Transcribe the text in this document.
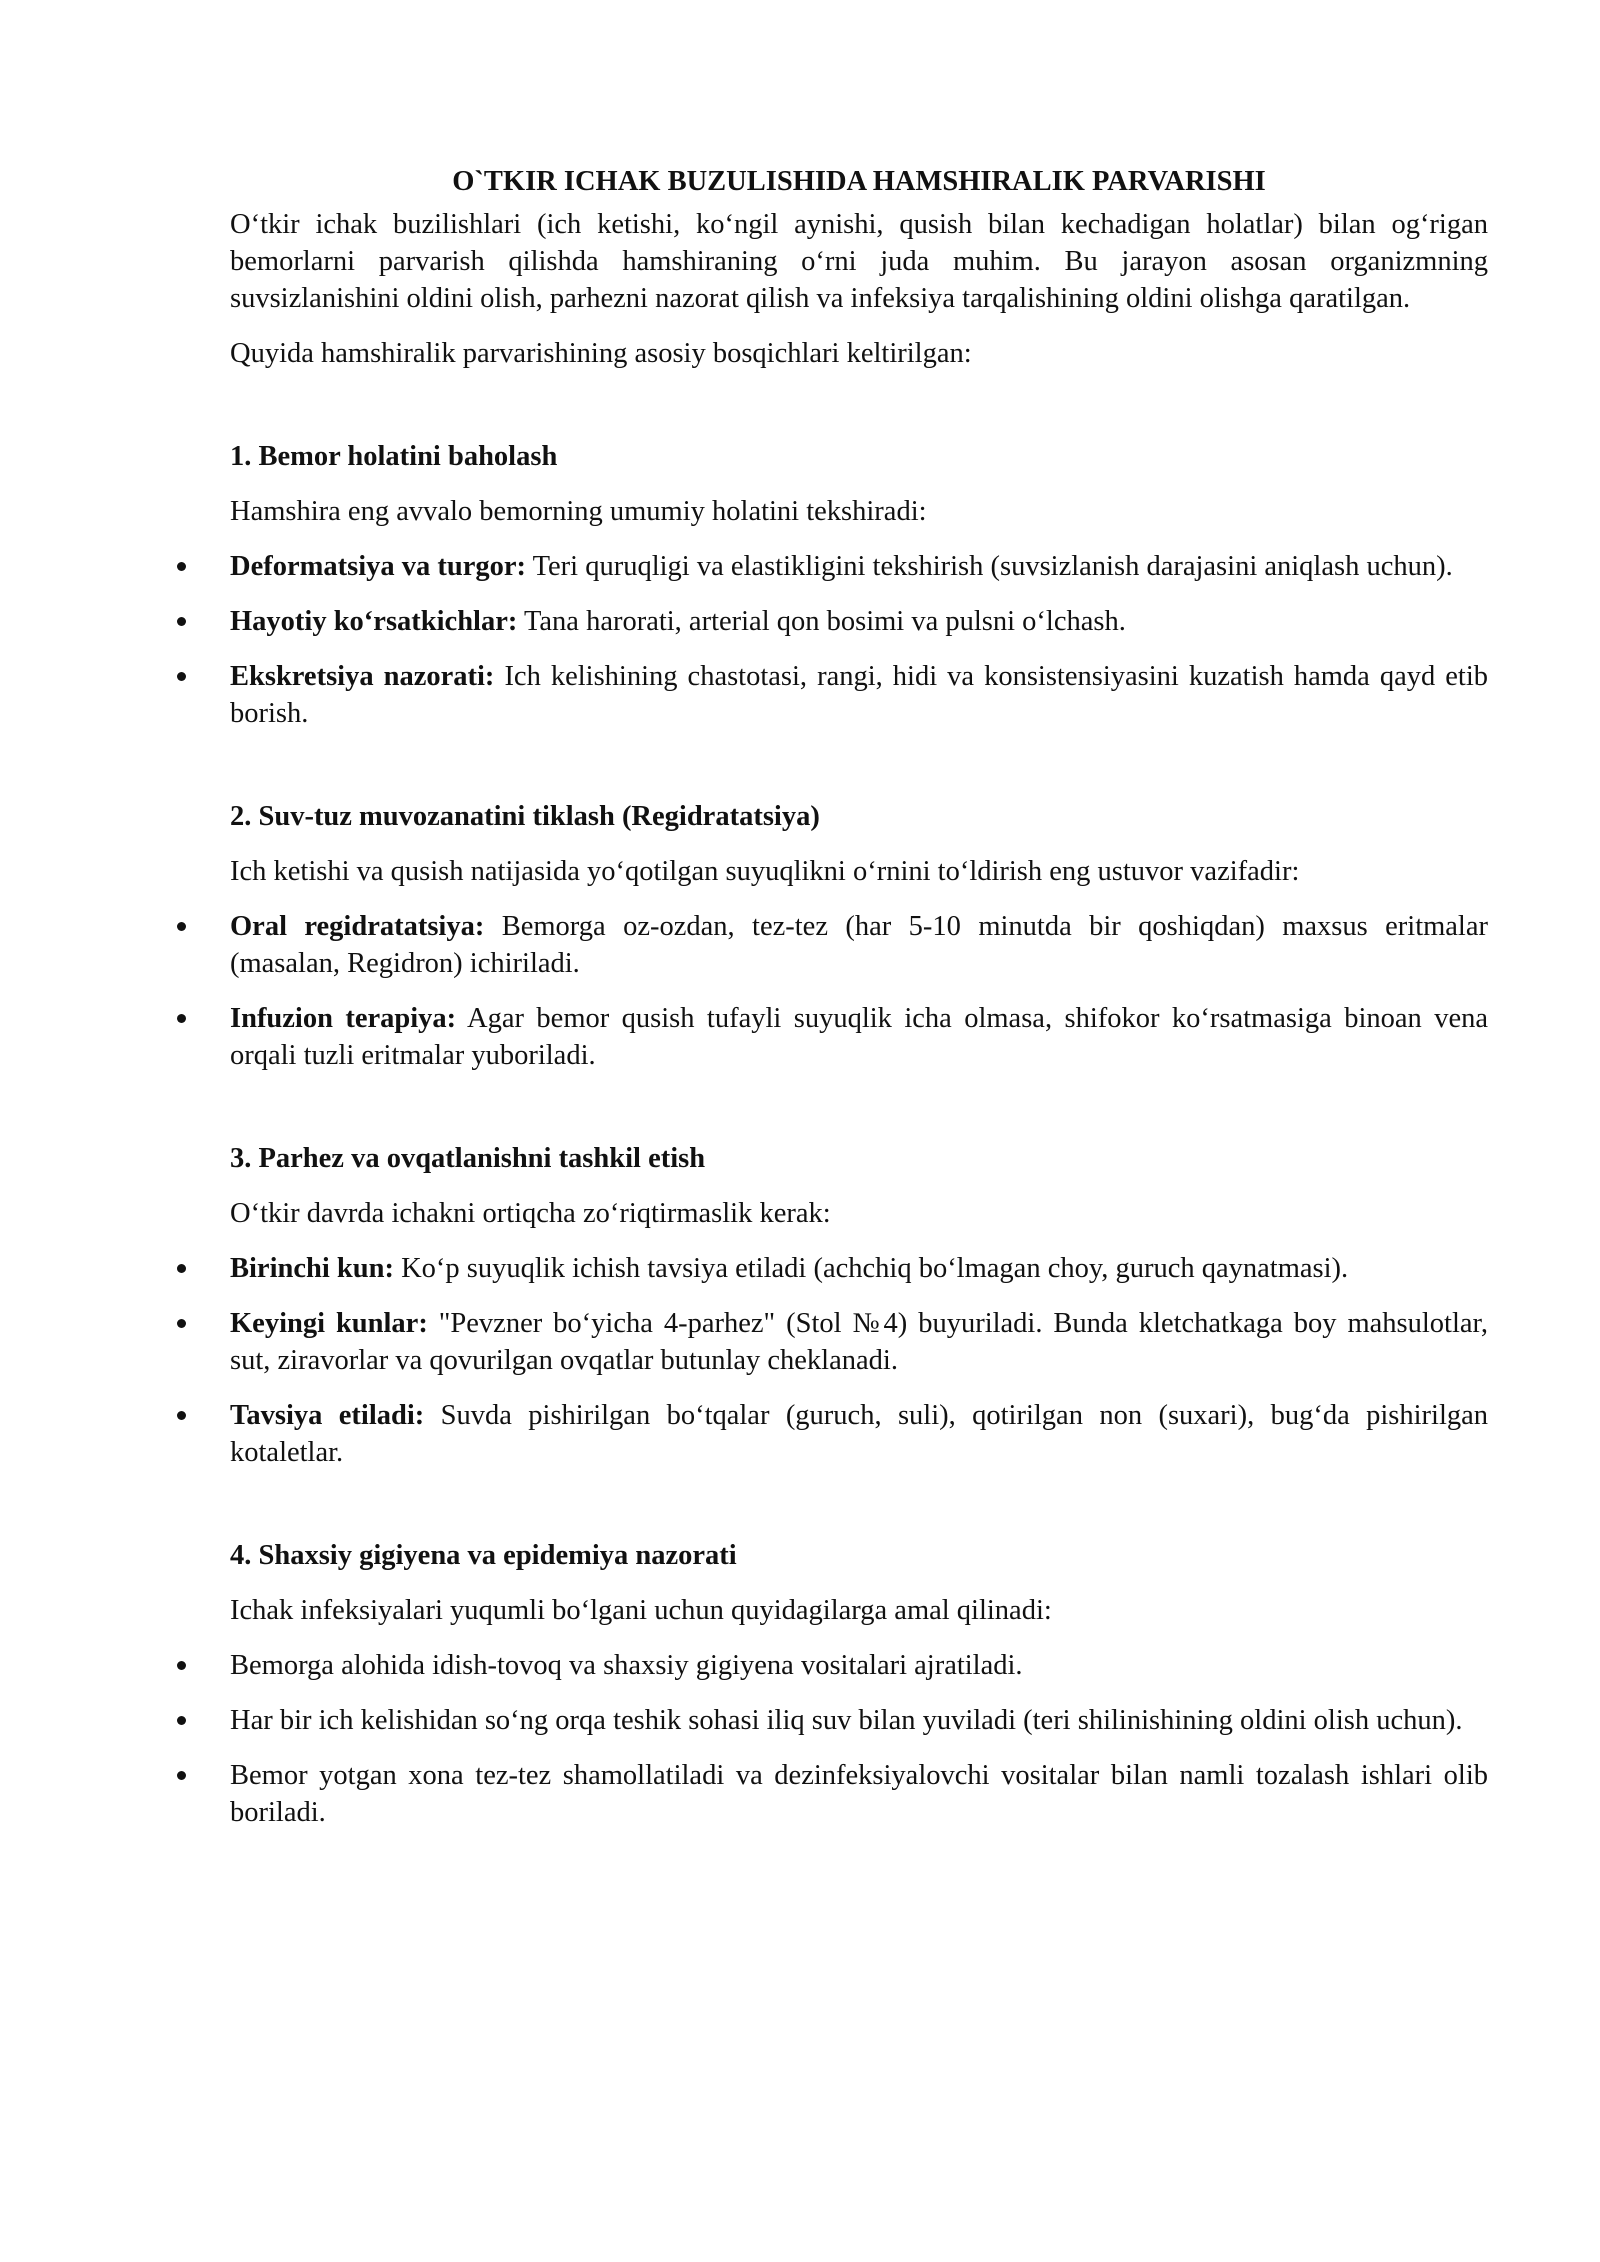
O`TKIR ICHAK BUZULISHIDA HAMSHIRALIK PARVARISHI

O‘tkir ichak buzilishlari (ich ketishi, ko‘ngil aynishi, qusish bilan kechadigan holatlar) bilan og‘rigan bemorlarni parvarish qilishda hamshiraning o‘rni juda muhim. Bu jarayon asosan organizmning suvsizlanishini oldini olish, parhezni nazorat qilish va infeksiya tarqalishining oldini olishga qaratilgan.

Quyida hamshiralik parvarishining asosiy bosqichlari keltirilgan:

1. Bemor holatini baholash

Hamshira eng avvalo bemorning umumiy holatini tekshiradi:

Deformatsiya va turgor: Teri quruqligi va elastikligini tekshirish (suvsizlanish darajasini aniqlash uchun).
Hayotiy ko‘rsatkichlar: Tana harorati, arterial qon bosimi va pulsni o‘lchash.
Ekskretsiya nazorati: Ich kelishining chastotasi, rangi, hidi va konsistensiyasini kuzatish hamda qayd etib borish.

2. Suv-tuz muvozanatini tiklash (Regidratatsiya)

Ich ketishi va qusish natijasida yo‘qotilgan suyuqlikni o‘rnini to‘ldirish eng ustuvor vazifadir:

Oral regidratatsiya: Bemorga oz-ozdan, tez-tez (har 5-10 minutda bir qoshiqdan) maxsus eritmalar (masalan, Regidron) ichiriladi.
Infuzion terapiya: Agar bemor qusish tufayli suyuqlik icha olmasa, shifokor ko‘rsatmasiga binoan vena orqali tuzli eritmalar yuboriladi.

3. Parhez va ovqatlanishni tashkil etish

O‘tkir davrda ichakni ortiqcha zo‘riqtirmaslik kerak:

Birinchi kun: Ko‘p suyuqlik ichish tavsiya etiladi (achchiq bo‘lmagan choy, guruch qaynatmasi).
Keyingi kunlar: "Pevzner bo‘yicha 4-parhez" (Stol №4) buyuriladi. Bunda kletchatkaga boy mahsulotlar, sut, ziravorlar va qovurilgan ovqatlar butunlay cheklanadi.
Tavsiya etiladi: Suvda pishirilgan bo‘tqalar (guruch, suli), qotirilgan non (suxari), bug‘da pishirilgan kotaletlar.

4. Shaxsiy gigiyena va epidemiya nazorati

Ichak infeksiyalari yuqumli bo‘lgani uchun quyidagilarga amal qilinadi:

Bemorga alohida idish-tovoq va shaxsiy gigiyena vositalari ajratiladi.
Har bir ich kelishidan so‘ng orqa teshik sohasi iliq suv bilan yuviladi (teri shilinishining oldini olish uchun).
Bemor yotgan xona tez-tez shamollatiladi va dezinfeksiyalovchi vositalar bilan namli tozalash ishlari olib boriladi.
